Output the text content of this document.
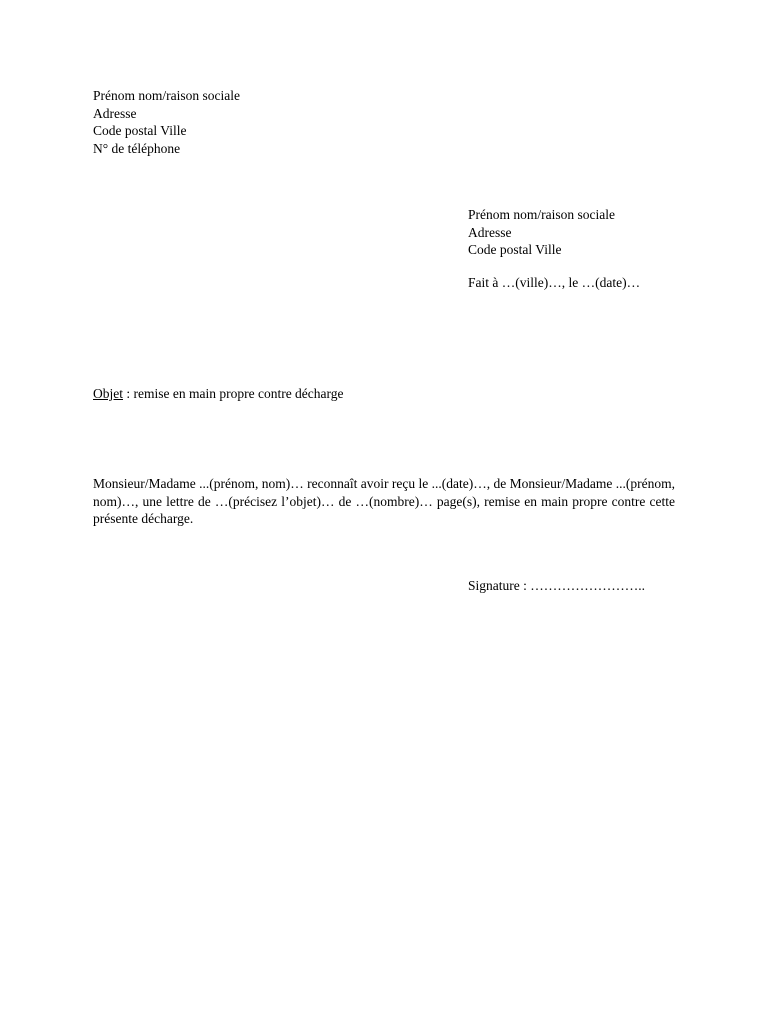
Prénom nom/raison sociale
Adresse
Code postal Ville
N° de téléphone
Prénom nom/raison sociale
Adresse
Code postal Ville
Fait à …(ville)…, le …(date)…
Objet : remise en main propre contre décharge
Monsieur/Madame ...(prénom, nom)… reconnaît avoir reçu le ...(date)…, de Monsieur/Madame ...(prénom, nom)…, une lettre de …(précisez l’objet)… de …(nombre)… page(s), remise en main propre contre cette présente décharge.
Signature : ……………………..
